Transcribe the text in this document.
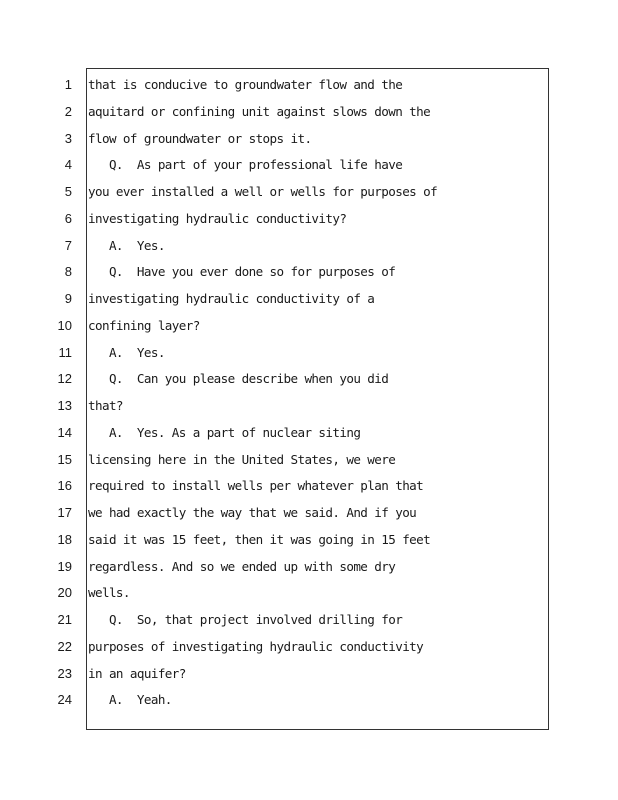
1 that is conducive to groundwater flow and the
2 aquitard or confining unit against slows down the
3 flow of groundwater or stops it.
4 Q.  As part of your professional life have
5 you ever installed a well or wells for purposes of
6 investigating hydraulic conductivity?
7 A.  Yes.
8 Q.  Have you ever done so for purposes of
9 investigating hydraulic conductivity of a
10 confining layer?
11 A.  Yes.
12 Q.  Can you please describe when you did
13 that?
14 A.  Yes. As a part of nuclear siting
15 licensing here in the United States, we were
16 required to install wells per whatever plan that
17 we had exactly the way that we said. And if you
18 said it was 15 feet, then it was going in 15 feet
19 regardless. And so we ended up with some dry
20 wells.
21 Q.  So, that project involved drilling for
22 purposes of investigating hydraulic conductivity
23 in an aquifer?
24 A.  Yeah.
